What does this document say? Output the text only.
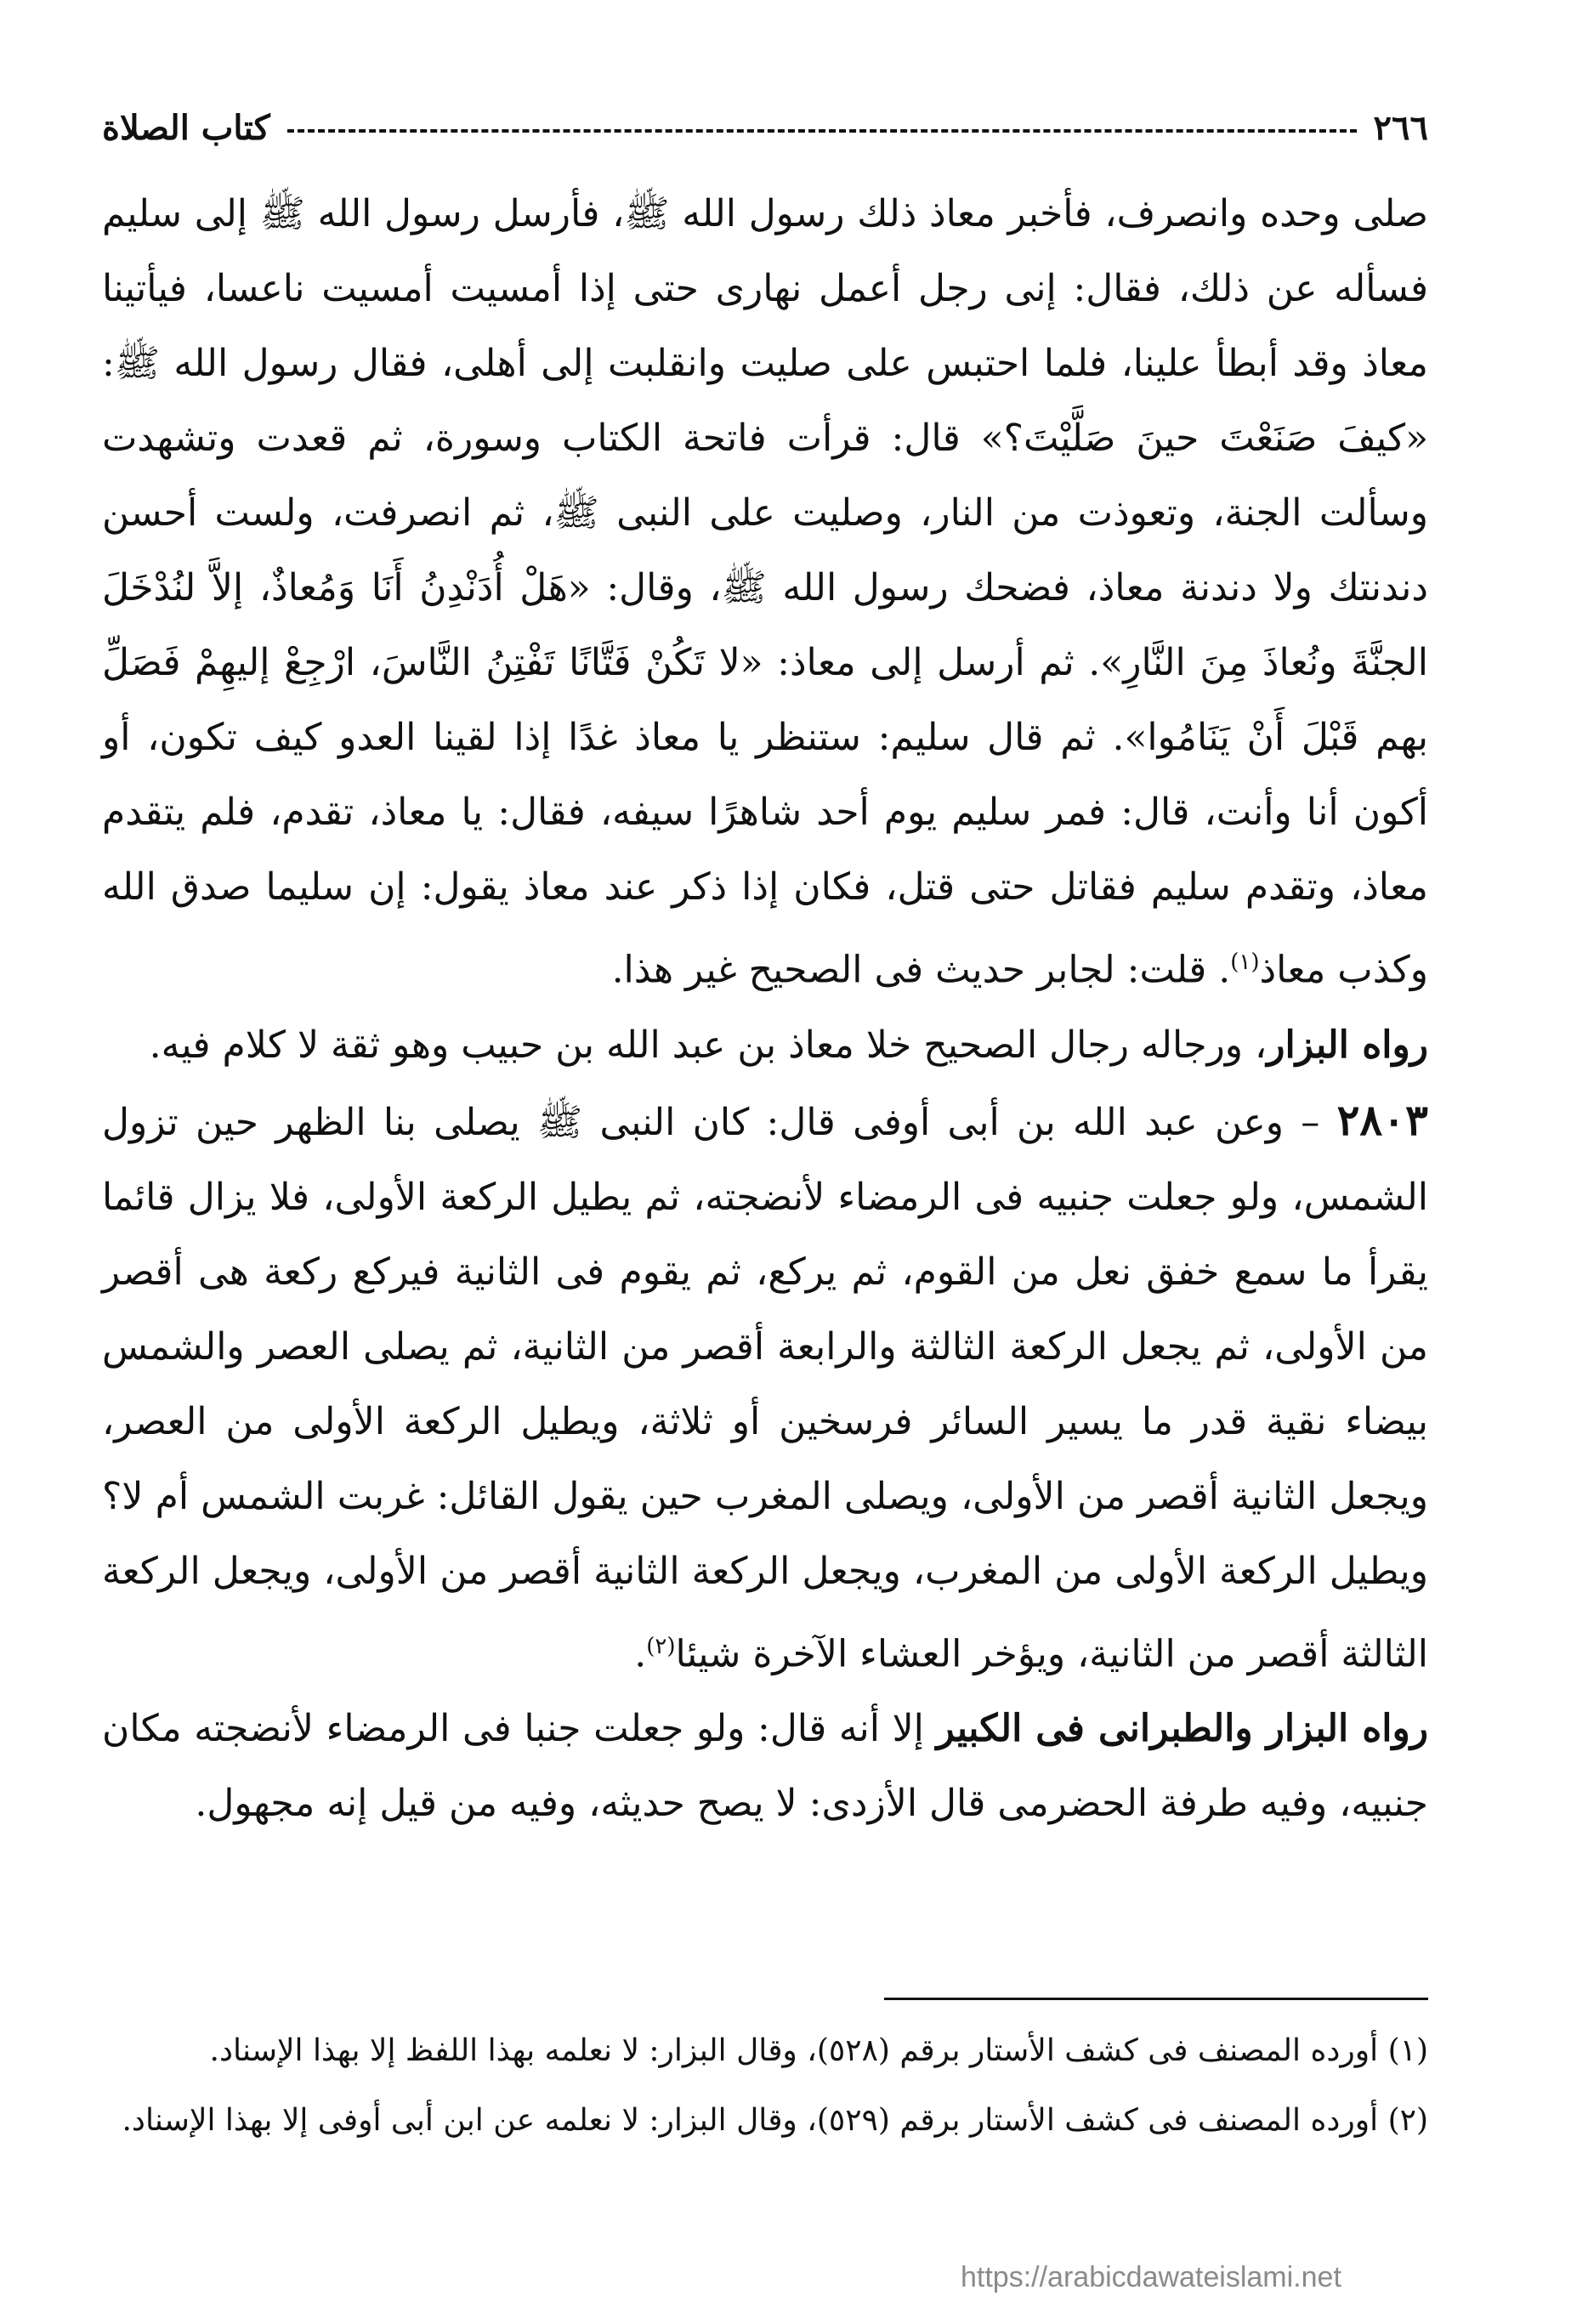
٢٦٦
كتاب الصلاة

صلى وحده وانصرف، فأخبر معاذ ذلك رسول الله ﷺ، فأرسل رسول الله ﷺ إلى سليم فسأله عن ذلك، فقال: إنى رجل أعمل نهارى حتى إذا أمسيت أمسيت ناعسا، فيأتينا معاذ وقد أبطأ علينا، فلما احتبس على صليت وانقلبت إلى أهلى، فقال رسول الله ﷺ: «كيفَ صَنَعْتَ حينَ صَلَّيْتَ؟» قال: قرأت فاتحة الكتاب وسورة، ثم قعدت وتشهدت وسألت الجنة، وتعوذت من النار، وصليت على النبى ﷺ، ثم انصرفت، ولست أحسن دندنتك ولا دندنة معاذ، فضحك رسول الله ﷺ، وقال: «هَلْ أُدَنْدِنُ أَنَا وَمُعاذٌ، إلاَّ لنُدْخَلَ الجنَّةَ ونُعاذَ مِنَ النَّارِ». ثم أرسل إلى معاذ: «لا تَكُنْ فَتَّانًا تَفْتِنُ النَّاسَ، ارْجِعْ إليهِمْ فَصَلِّ بهم قَبْلَ أَنْ يَنَامُوا». ثم قال سليم: ستنظر يا معاذ غدًا إذا لقينا العدو كيف تكون، أو أكون أنا وأنت، قال: فمر سليم يوم أحد شاهرًا سيفه، فقال: يا معاذ، تقدم، فلم يتقدم معاذ، وتقدم سليم فقاتل حتى قتل، فكان إذا ذكر عند معاذ يقول: إن سليما صدق الله وكذب معاذ$^{(١)}$. قلت: لجابر حديث فى الصحيح غير هذا.

رواه البزار، ورجاله رجال الصحيح خلا معاذ بن عبد الله بن حبيب وهو ثقة لا كلام فيه.

٢٨٠٣ – وعن عبد الله بن أبى أوفى قال: كان النبى ﷺ يصلى بنا الظهر حين تزول الشمس، ولو جعلت جنبيه فى الرمضاء لأنضجته، ثم يطيل الركعة الأولى، فلا يزال قائما يقرأ ما سمع خفق نعل من القوم، ثم يركع، ثم يقوم فى الثانية فيركع ركعة هى أقصر من الأولى، ثم يجعل الركعة الثالثة والرابعة أقصر من الثانية، ثم يصلى العصر والشمس بيضاء نقية قدر ما يسير السائر فرسخين أو ثلاثة، ويطيل الركعة الأولى من العصر، ويجعل الثانية أقصر من الأولى، ويصلى المغرب حين يقول القائل: غربت الشمس أم لا؟ ويطيل الركعة الأولى من المغرب، ويجعل الركعة الثانية أقصر من الأولى، ويجعل الركعة الثالثة أقصر من الثانية، ويؤخر العشاء الآخرة شيئا$^{(٢)}$.

رواه البزار والطبرانى فى الكبير إلا أنه قال: ولو جعلت جنبا فى الرمضاء لأنضجته مكان جنبيه، وفيه طرفة الحضرمى قال الأزدى: لا يصح حديثه، وفيه من قيل إنه مجهول.

(١) أورده المصنف فى كشف الأستار برقم (٥٢٨)، وقال البزار: لا نعلمه بهذا اللفظ إلا بهذا الإسناد.

(٢) أورده المصنف فى كشف الأستار برقم (٥٢٩)، وقال البزار: لا نعلمه عن ابن أبى أوفى إلا بهذا الإسناد.

https://arabicdawateislami.net
